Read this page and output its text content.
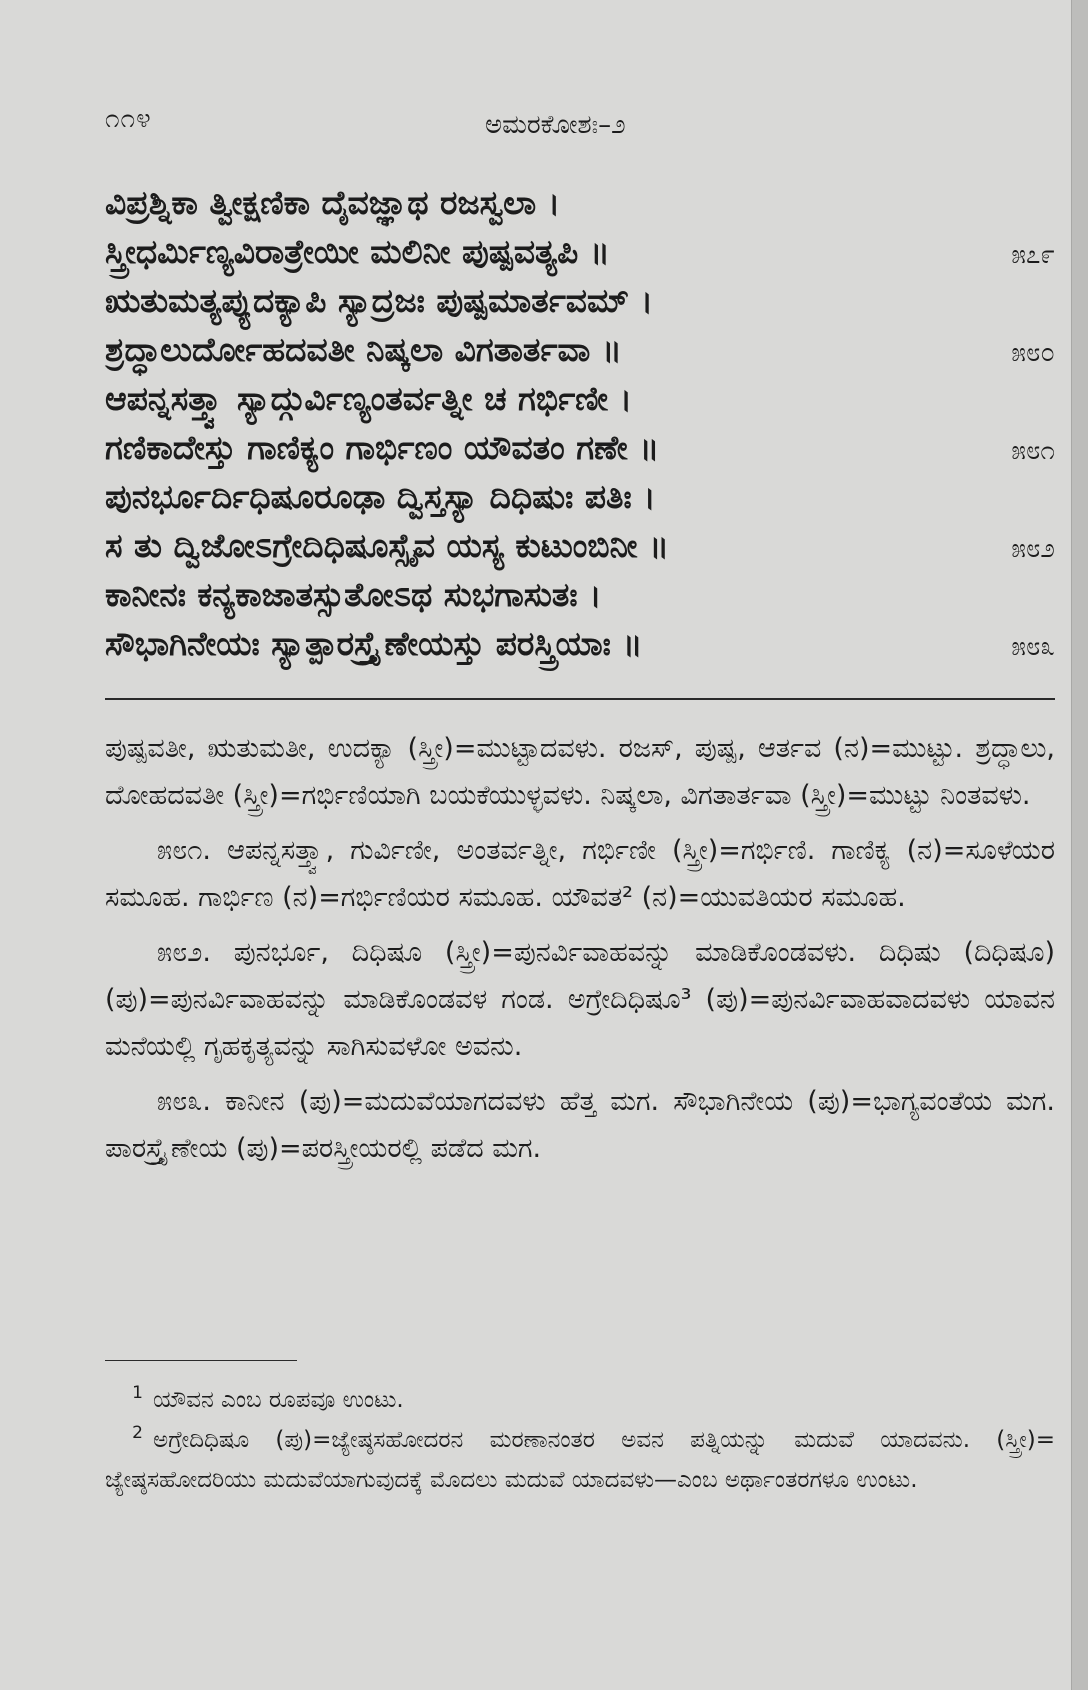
೧೧೪	ಅಮರಕೋಶಃ–೨
ವಿಪ್ರಶ್ನಿಕಾ ತ್ವೀಕ್ಷಣಿಕಾ ದೈವಜ್ಞಾಥ ರಜಸ್ವಲಾ ।
ಸ್ತ್ರೀಧರ್ಮಿಣ್ಯವಿರಾತ್ರೇಯೀ ಮಲಿನೀ ಪುಷ್ಪವತ್ಯಪಿ ॥	೫೭೯
ಋತುಮತ್ಯಪ್ಯುದಕ್ಯಾಪಿ ಸ್ಯಾದ್ರಜಃ ಪುಷ್ಪಮಾರ್ತವಮ್ ।
ಶ್ರದ್ಧಾಲುರ್ದೋಹದವತೀ ನಿಷ್ಕಲಾ ವಿಗತಾರ್ತವಾ ॥	೫೮೦
ಆಪನ್ನಸತ್ತ್ವಾ ಸ್ಯಾದ್ಗುರ್ವಿಣ್ಯಂತರ್ವತ್ನೀ ಚ ಗರ್ಭಿಣೀ ।
ಗಣಿಕಾದೇಸ್ತು ಗಾಣಿಕ್ಯಂ ಗಾರ್ಭಿಣಂ ಯೌವತಂ ಗಣೇ ॥	೫೮೧
ಪುನರ್ಭೂರ್ದಿಧಿಷೂರೂಢಾ ದ್ವಿಸ್ತಸ್ಯಾ ದಿಧಿಷುಃ ಪತಿಃ ।
ಸ ತು ದ್ವಿಜೋಽಗ್ರೇದಿಧಿಷೂಸ್ಸೈವ ಯಸ್ಯ ಕುಟುಂಬಿನೀ ॥	೫೮೨
ಕಾನೀನಃ ಕನ್ಯಕಾಜಾತಸ್ಸುತೋಽಥ ಸುಭಗಾಸುತಃ ।
ಸೌಭಾಗಿನೇಯಃ ಸ್ಯಾತ್ಪಾರಸ್ತ್ರೈಣೇಯಸ್ತು ಪರಸ್ತ್ರಿಯಾಃ ॥	೫೮೩

ಪುಷ್ಪವತೀ, ಋತುಮತೀ, ಉದಕ್ಯಾ (ಸ್ತ್ರೀ)=ಮುಟ್ಟಾದವಳು. ರಜಸ್, ಪುಷ್ಪ, ಆರ್ತವ (ನ)=ಮುಟ್ಟು. ಶ್ರದ್ಧಾಲು, ದೋಹದವತೀ (ಸ್ತ್ರೀ)=ಗರ್ಭಿಣಿಯಾಗಿ ಬಯಕೆಯುಳ್ಳವಳು. ನಿಷ್ಕಲಾ, ವಿಗತಾರ್ತವಾ (ಸ್ತ್ರೀ)=ಮುಟ್ಟು ನಿಂತವಳು.

೫೮೧. ಆಪನ್ನಸತ್ತ್ವಾ, ಗುರ್ವಿಣೀ, ಅಂತರ್ವತ್ನೀ, ಗರ್ಭಿಣೀ (ಸ್ತ್ರೀ)=ಗರ್ಭಿಣಿ. ಗಾಣಿಕ್ಯ (ನ)=ಸೂಳೆಯರ ಸಮೂಹ. ಗಾರ್ಭಿಣ (ನ)=ಗರ್ಭಿಣಿಯರ ಸಮೂಹ. ಯೌವತ² (ನ)=ಯುವತಿಯರ ಸಮೂಹ.

೫೮೨. ಪುನರ್ಭೂ, ದಿಧಿಷೂ (ಸ್ತ್ರೀ)=ಪುನರ್ವಿವಾಹವನ್ನು ಮಾಡಿಕೊಂಡವಳು. ದಿಧಿಷು (ದಿಧಿಷೂ) (ಪು)=ಪುನರ್ವಿವಾಹವನ್ನು ಮಾಡಿಕೊಂಡವಳ ಗಂಡ. ಅಗ್ರೇದಿಧಿಷೂ³ (ಪು)=ಪುನರ್ವಿವಾಹವಾದವಳು ಯಾವನ ಮನೆಯಲ್ಲಿ ಗೃಹಕೃತ್ಯವನ್ನು ಸಾಗಿಸುವಳೋ ಅವನು.

೫೮೩. ಕಾನೀನ (ಪು)=ಮದುವೆಯಾಗದವಳು ಹೆತ್ತ ಮಗ. ಸೌಭಾಗಿನೇಯ (ಪು)=ಭಾಗ್ಯವಂತೆಯ ಮಗ. ಪಾರಸ್ತ್ರೈಣೇಯ (ಪು)=ಪರಸ್ತ್ರೀಯರಲ್ಲಿ ಪಡೆದ ಮಗ.

1 ಯೌವನ ಎಂಬ ರೂಪವೂ ಉಂಟು.

2 ಅಗ್ರೇದಿಧಿಷೂ (ಪು)=ಜ್ಯೇಷ್ಠಸಹೋದರನ ಮರಣಾನಂತರ ಅವನ ಪತ್ನಿಯನ್ನು ಮದುವೆ ಯಾದವನು. (ಸ್ತ್ರೀ)= ಜ್ಯೇಷ್ಠಸಹೋದರಿಯು ಮದುವೆಯಾಗುವುದಕ್ಕೆ ಮೊದಲು ಮದುವೆ ಯಾದವಳು—ಎಂಬ ಅರ್ಥಾಂತರಗಳೂ ಉಂಟು.
